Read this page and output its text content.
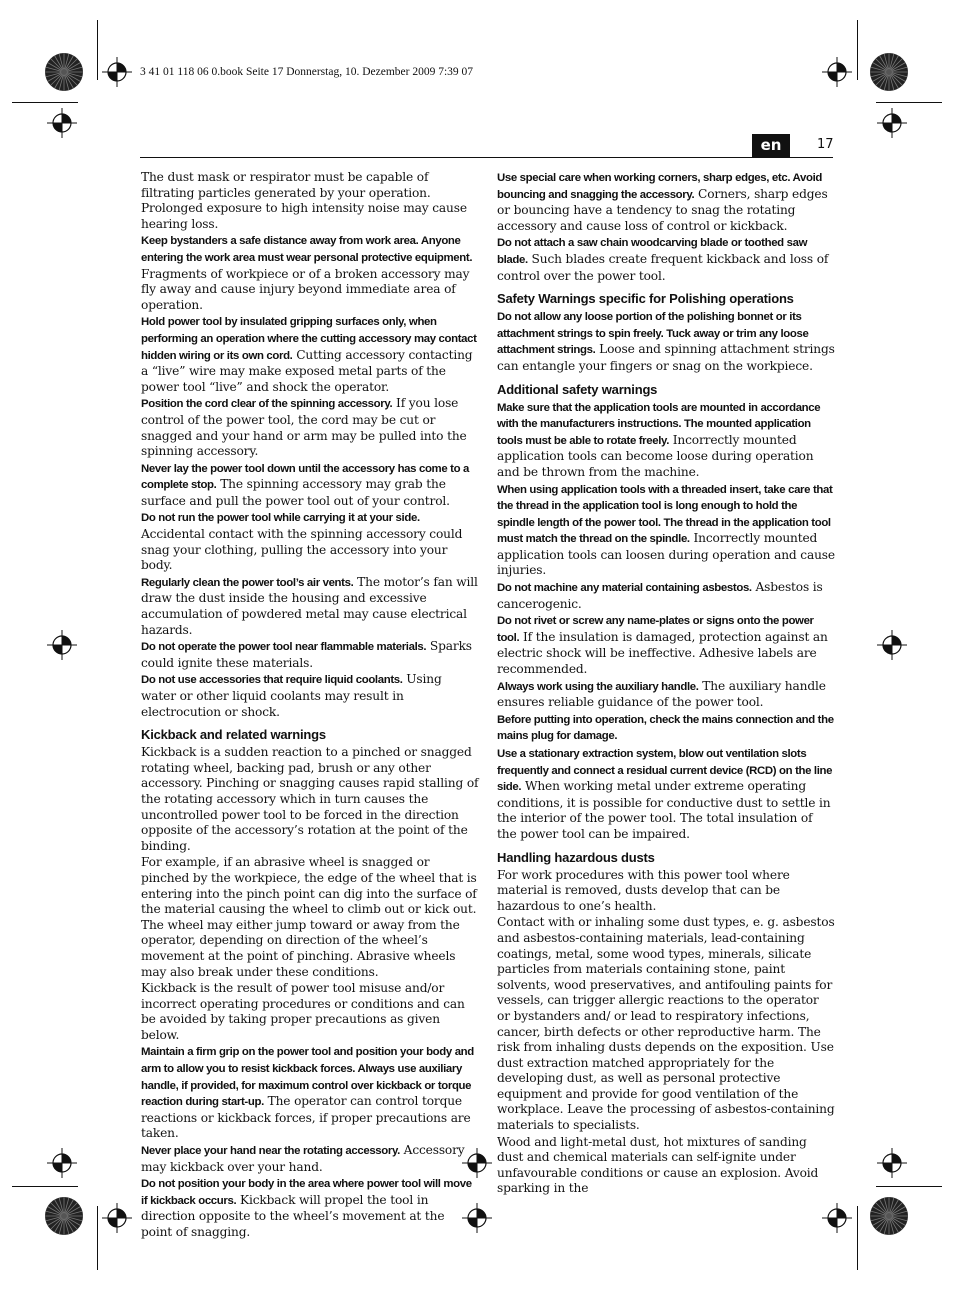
3 41 01 118 06 0.book Seite 17 Donnerstag, 10. Dezember 2009 7:39 07
en	17

The dust mask or respirator must be capable of filtrating particles generated by your operation. Prolonged exposure to high intensity noise may cause hearing loss.

Keep bystanders a safe distance away from work area. Anyone entering the work area must wear personal protective equipment. Fragments of workpiece or of a broken accessory may fly away and cause injury beyond immediate area of operation.

Hold power tool by insulated gripping surfaces only, when performing an operation where the cutting accessory may contact hidden wiring or its own cord. Cutting accessory contacting a “live” wire may make exposed metal parts of the power tool “live” and shock the operator.

Position the cord clear of the spinning accessory. If you lose control of the power tool, the cord may be cut or snagged and your hand or arm may be pulled into the spinning accessory.

Never lay the power tool down until the accessory has come to a complete stop. The spinning accessory may grab the surface and pull the power tool out of your control.

Do not run the power tool while carrying it at your side. Accidental contact with the spinning accessory could snag your clothing, pulling the accessory into your body.

Regularly clean the power tool’s air vents. The motor’s fan will draw the dust inside the housing and excessive accumulation of powdered metal may cause electrical hazards.

Do not operate the power tool near flammable materials. Sparks could ignite these materials.

Do not use accessories that require liquid coolants. Using water or other liquid coolants may result in electrocution or shock.

Kickback and related warnings

Kickback is a sudden reaction to a pinched or snagged rotating wheel, backing pad, brush or any other accessory. Pinching or snagging causes rapid stalling of the rotating accessory which in turn causes the uncontrolled power tool to be forced in the direction opposite of the accessory’s rotation at the point of the binding.

For example, if an abrasive wheel is snagged or pinched by the workpiece, the edge of the wheel that is entering into the pinch point can dig into the surface of the material causing the wheel to climb out or kick out. The wheel may either jump toward or away from the operator, depending on direction of the wheel’s movement at the point of pinching. Abrasive wheels may also break under these conditions.

Kickback is the result of power tool misuse and/or incorrect operating procedures or conditions and can be avoided by taking proper precautions as given below.

Maintain a firm grip on the power tool and position your body and arm to allow you to resist kickback forces. Always use auxiliary handle, if provided, for maximum control over kickback or torque reaction during start-up. The operator can control torque reactions or kickback forces, if proper precautions are taken.

Never place your hand near the rotating accessory. Accessory may kickback over your hand.

Do not position your body in the area where power tool will move if kickback occurs. Kickback will propel the tool in direction opposite to the wheel’s movement at the point of snagging.

Use special care when working corners, sharp edges, etc. Avoid bouncing and snagging the accessory. Corners, sharp edges or bouncing have a tendency to snag the rotating accessory and cause loss of control or kickback.

Do not attach a saw chain woodcarving blade or toothed saw blade. Such blades create frequent kickback and loss of control over the power tool.

Safety Warnings specific for Polishing operations

Do not allow any loose portion of the polishing bonnet or its attachment strings to spin freely. Tuck away or trim any loose attachment strings. Loose and spinning attachment strings can entangle your fingers or snag on the workpiece.

Additional safety warnings

Make sure that the application tools are mounted in accordance with the manufacturers instructions. The mounted application tools must be able to rotate freely. Incorrectly mounted application tools can become loose during operation and be thrown from the machine.

When using application tools with a threaded insert, take care that the thread in the application tool is long enough to hold the spindle length of the power tool. The thread in the application tool must match the thread on the spindle. Incorrectly mounted application tools can loosen during operation and cause injuries.

Do not machine any material containing asbestos. Asbestos is cancerogenic.

Do not rivet or screw any name-plates or signs onto the power tool. If the insulation is damaged, protection against an electric shock will be ineffective. Adhesive labels are recommended.

Always work using the auxiliary handle. The auxiliary handle ensures reliable guidance of the power tool.

Before putting into operation, check the mains connection and the mains plug for damage.

Use a stationary extraction system, blow out ventilation slots frequently and connect a residual current device (RCD) on the line side. When working metal under extreme operating conditions, it is possible for conductive dust to settle in the interior of the power tool. The total insulation of the power tool can be impaired.

Handling hazardous dusts

For work procedures with this power tool where material is removed, dusts develop that can be hazardous to one’s health.

Contact with or inhaling some dust types, e. g. asbestos and asbestos-containing materials, lead-containing coatings, metal, some wood types, minerals, silicate particles from materials containing stone, paint solvents, wood preservatives, and antifouling paints for vessels, can trigger allergic reactions to the operator or bystanders and/ or lead to respiratory infections, cancer, birth defects or other reproductive harm. The risk from inhaling dusts depends on the exposition. Use dust extraction matched appropriately for the developing dust, as well as personal protective equipment and provide for good ventilation of the workplace. Leave the processing of asbestos-containing materials to specialists.

Wood and light-metal dust, hot mixtures of sanding dust and chemical materials can self-ignite under unfavourable conditions or cause an explosion. Avoid sparking in the
